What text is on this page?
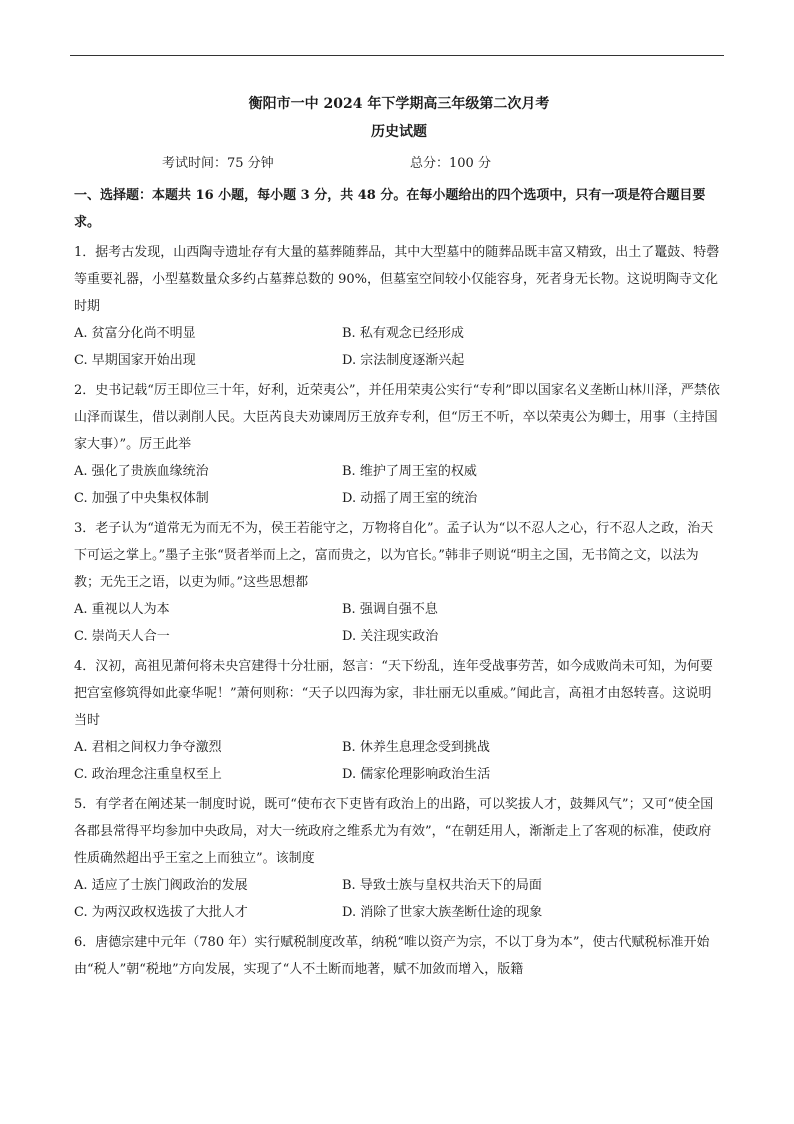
衡阳市一中 2024 年下学期高三年级第二次月考
历史试题
考试时间：75 分钟	总分：100 分
一、选择题：本题共 16 小题，每小题 3 分，共 48 分。在每小题给出的四个选项中，只有一项是符合题目要求。
1．据考古发现，山西陶寺遗址存有大量的墓葬随葬品，其中大型墓中的随葬品既丰富又精致，出土了鼍鼓、特磬等重要礼器，小型墓数量众多约占墓葬总数的 90%，但墓室空间较小仅能容身，死者身无长物。这说明陶寺文化时期
A. 贫富分化尚不明显	B. 私有观念已经形成
C. 早期国家开始出现	D. 宗法制度逐渐兴起
2．史书记载“厉王即位三十年，好利，近荣夷公”，并任用荣夷公实行“专利”即以国家名义垄断山林川泽，严禁依山泽而谋生，借以剥削人民。大臣芮良夫劝谏周厉王放弃专利，但“厉王不听，卒以荣夷公为卿士，用事（主持国家大事）”。厉王此举
A. 强化了贵族血缘统治	B. 维护了周王室的权威
C. 加强了中央集权体制	D. 动摇了周王室的统治
3．老子认为“道常无为而无不为，侯王若能守之，万物将自化”。孟子认为“以不忍人之心，行不忍人之政，治天下可运之掌上。”墨子主张“贤者举而上之，富而贵之，以为官长。”韩非子则说“明主之国，无书简之文，以法为教；无先王之语，以吏为师。”这些思想都
A. 重视以人为本	B. 强调自强不息
C. 崇尚天人合一	D. 关注现实政治
4．汉初，高祖见萧何将未央宫建得十分壮丽，怒言：“天下纷乱，连年受战事劳苦，如今成败尚未可知，为何要把宫室修筑得如此豪华呢！”萧何则称：“天子以四海为家，非壮丽无以重威。”闻此言，高祖才由怒转喜。这说明当时
A. 君相之间权力争夺激烈	B. 休养生息理念受到挑战
C. 政治理念注重皇权至上	D. 儒家伦理影响政治生活
5．有学者在阐述某一制度时说，既可“使布衣下吏皆有政治上的出路，可以奖拔人才，鼓舞风气”；又可“使全国各郡县常得平均参加中央政局，对大一统政府之维系尤为有效”，“在朝廷用人，渐渐走上了客观的标准，使政府性质确然超出乎王室之上而独立”。该制度
A. 适应了士族门阀政治的发展	B. 导致士族与皇权共治天下的局面
C. 为两汉政权选拔了大批人才	D. 消除了世家大族垄断仕途的现象
6．唐德宗建中元年（780 年）实行赋税制度改革，纳税“唯以资产为宗，不以丁身为本”，使古代赋税标准开始由“税人”朝“税地”方向发展，实现了“人不土断而地著，赋不加敛而增入，版籍
